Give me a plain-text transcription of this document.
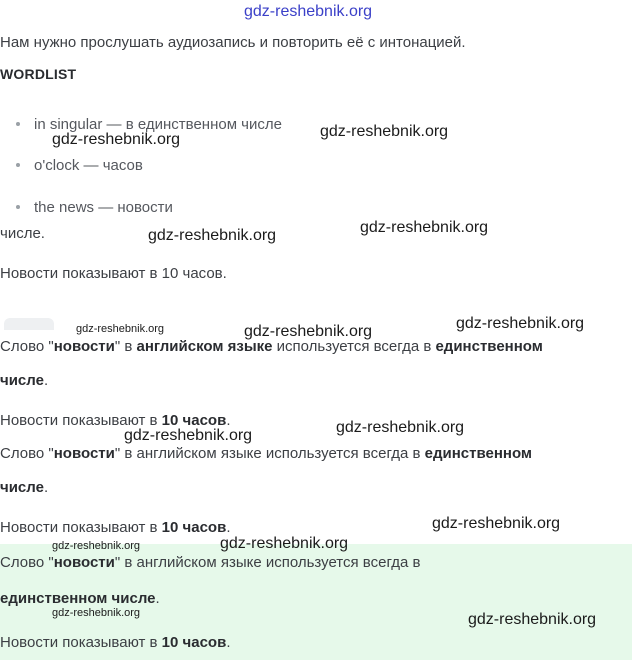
gdz-reshebnik.org
Нам нужно прослушать аудиозапись и повторить её с интонацией.
WORDLIST
in singular — в единственном числе
o'clock — часов
the news — новости
числе.
Новости показывают в 10 часов.
Слово "новости" в английском языке используется всегда в единственном
числе.
Новости показывают в 10 часов.
Слово "новости" в английском языке используется всегда в единственном
числе.
Новости показывают в 10 часов.
Слово "новости" в английском языке используется всегда в
единственном числе.
Новости показывают в 10 часов.
gdz-reshebnik.org
gdz-reshebnik.org
gdz-reshebnik.org
gdz-reshebnik.org
gdz-reshebnik.org	gdz-reshebnik.org	gdz-reshebnik.org
gdz-reshebnik.org	gdz-reshebnik.org
gdz-reshebnik.org
gdz-reshebnik.org	gdz-reshebnik.org
gdz-reshebnik.org	gdz-reshebnik.org
